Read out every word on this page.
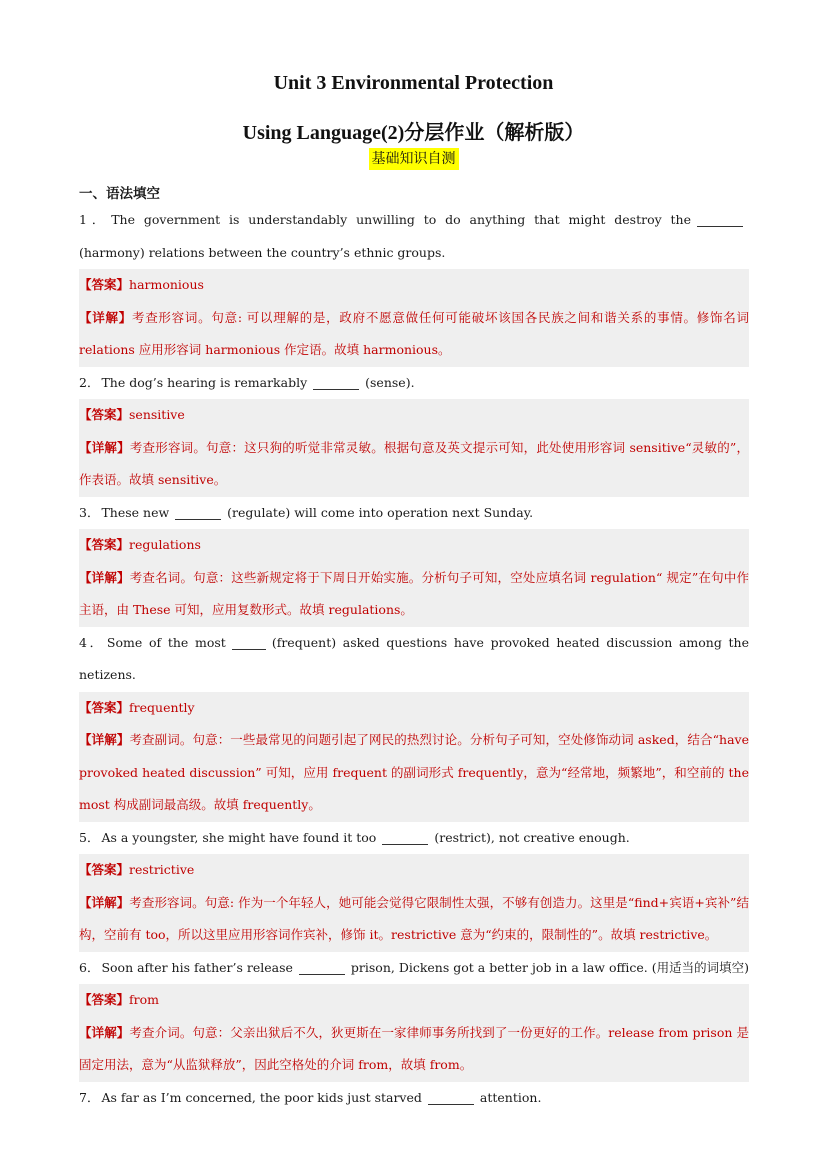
Unit 3 Environmental Protection
Using Language(2)分层作业（解析版）
基础知识自测
一、语法填空

1． The government is understandably unwilling to do anything that might destroy the(harmony) relations between the country’s ethnic groups.

【答案】harmonious

【详解】考查形容词。句意: 可以理解的是，政府不愿意做任何可能破坏该国各民族之间和谐关系的事情。修饰名词 relations 应用形容词 harmonious 作定语。故填 harmonious。

2． The dog’s hearing is remarkably	(sense).

【答案】sensitive

【详解】考查形容词。句意：这只狗的听觉非常灵敏。根据句意及英文提示可知，此处使用形容词 sensitive“灵敏的”，作表语。故填 sensitive。

3． These new	(regulate) will come into operation next Sunday.

【答案】regulations

【详解】考查名词。句意：这些新规定将于下周日开始实施。分析句子可知，空处应填名词 regulation“ 规定”在句中作主语，由 These 可知，应用复数形式。故填 regulations。

4． Some of the most	(frequent) asked questions have provoked heated discussion among the netizens.

【答案】frequently

【详解】考查副词。句意：一些最常见的问题引起了网民的热烈讨论。分析句子可知，空处修饰动词 asked，结合“have provoked heated discussion” 可知，应用 frequent 的副词形式 frequently，意为“经常地，频繁地”，和空前的 the most 构成副词最高级。故填 frequently。

5． As a youngster, she might have found it too	(restrict), not creative enough.

【答案】restrictive

【详解】考查形容词。句意: 作为一个年轻人，她可能会觉得它限制性太强，不够有创造力。这里是“find+宾语+宾补”结构，空前有 too，所以这里应用形容词作宾补，修饰 it。restrictive 意为“约束的，限制性的”。故填 restrictive。

6． Soon after his father’s release	prison, Dickens got a better job in a law office. (用适当的词填空)

【答案】from

【详解】考查介词。句意：父亲出狱后不久，狄更斯在一家律师事务所找到了一份更好的工作。release from prison 是固定用法，意为“从监狱释放”，因此空格处的介词 from，故填 from。

7． As far as I’m concerned, the poor kids just starved	attention.
